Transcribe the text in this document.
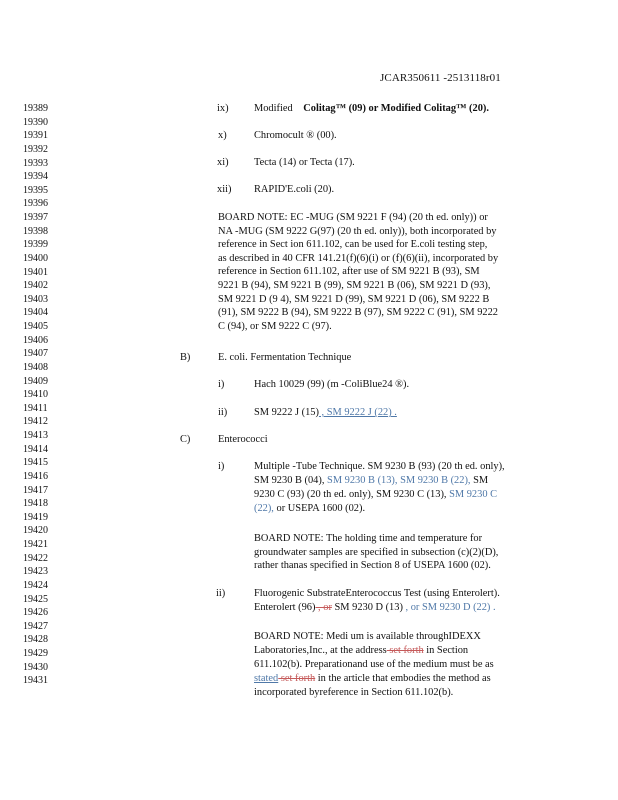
JCAR350611 -2513118r01
19389
19390
19391
19392
19393
19394
19395
19396
19397
19398
19399
19400
19401
19402
19403
19404
19405
19406
19407
19408
19409
19410
19411
19412
19413
19414
19415
19416
19417
19418
19419
19420
19421
19422
19423
19424
19425
19426
19427
19428
19429
19430
19431
ix) Modified Colitag™ (09) or Modified Colitag™ (20).
x)	Chromocult ® (00).
xi) Tecta (14) or Tecta (17).
xii) RAPID'E.coli (20).
BOARD NOTE: EC -MUG (SM 9221 F (94) (20 th ed. only)) or
NA -MUG (SM 9222 G(97) (20 th ed. only)), both incorporated by
reference in Sect ion 611.102, can be used for E.coli testing step,
as described in 40 CFR 141.21(f)(6)(i) or (f)(6)(ii), incorporated by
reference in Section 611.102, after use of SM 9221 B (93), SM
9221 B (94), SM 9221 B (99), SM 9221 B (06), SM 9221 D (93),
SM 9221 D (9 4), SM 9221 D (99), SM 9221 D (06), SM 9222 B
(91), SM 9222 B (94), SM 9222 B (97), SM 9222 C (91), SM 9222
C (94), or SM 9222 C (97).
B)	E. coli. Fermentation Technique
i)	Hach 10029 (99) (m -ColiBlue24 ®).
ii)	SM 9222 J (15) , SM 9222 J (22) .
C)	Enterococci
i)	Multiple -Tube Technique. SM 9230 B (93) (20 th ed. only),
SM 9230 B (04), SM 9230 B (13), SM 9230 B (22), SM
9230 C (93) (20 th ed. only), SM 9230 C (13), SM 9230 C
(22), or USEPA 1600 (02).
BOARD NOTE: The holding time and temperature for
groundwater samples are specified in subsection (c)(2)(D),
rather thanas specified in Section 8 of USEPA 1600 (02).
ii)	Fluorogenic SubstrateEnterococcus Test (using Enterolert).
Enterolert (96) , or SM 9230 D (13) , or SM 9230 D (22) .
BOARD NOTE: Medi um is available throughIDEXX
Laboratories,Inc., at the address set forth in Section
611.102(b). Preparationand use of the medium must be as
stated set forth in the article that embodies the method as
incorporated byreference in Section 611.102(b).
